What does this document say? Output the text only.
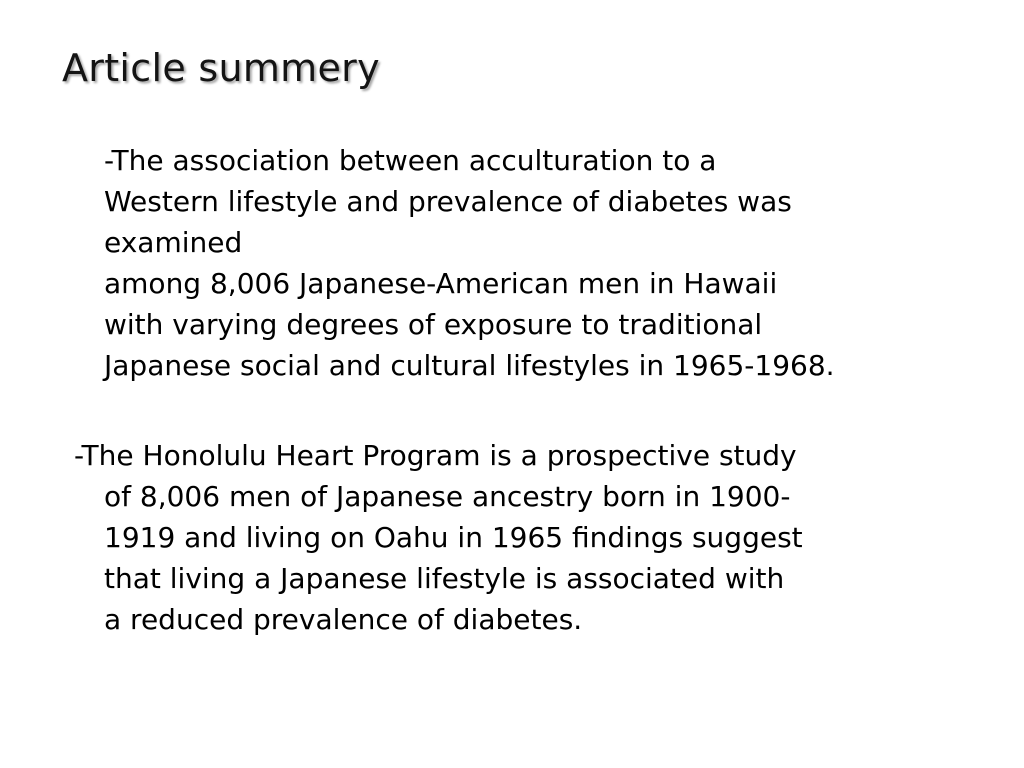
Article summery
-The association between acculturation to a
Western lifestyle and prevalence of diabetes was
examined
among 8,006 Japanese-American men in Hawaii
with varying degrees of exposure to traditional
Japanese social and cultural lifestyles in 1965-1968.
-The Honolulu Heart Program is a prospective study
of 8,006 men of Japanese ancestry born in 1900-
1919 and living on Oahu in 1965 findings suggest
that living a Japanese lifestyle is associated with
a reduced prevalence of diabetes.
